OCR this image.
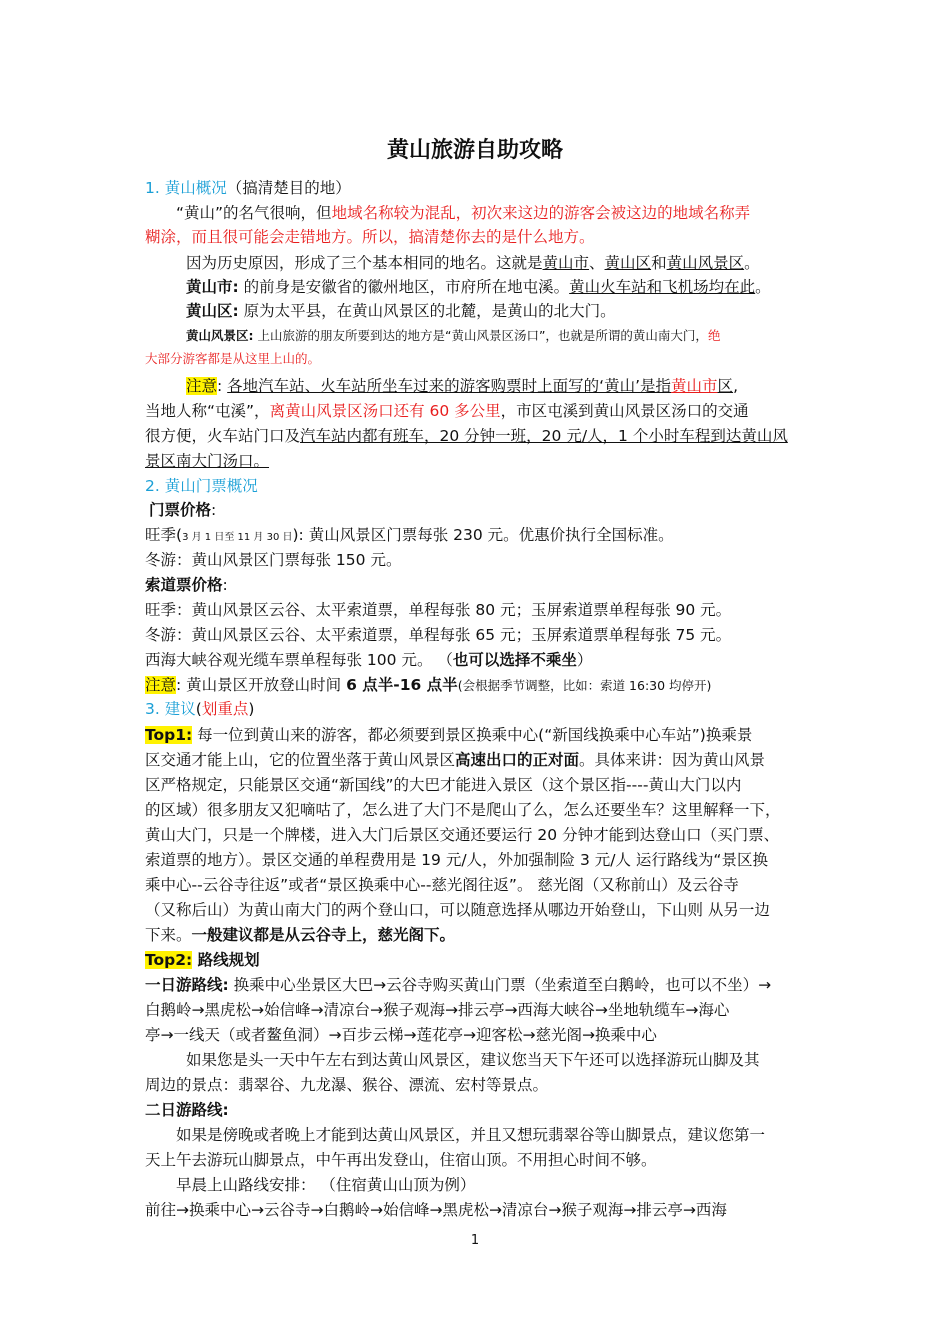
黄山旅游自助攻略
1. 黄山概况（搞清楚目的地）
“黄山”的名气很响，但地域名称较为混乱，初次来这边的游客会被这边的地域名称弄
糊涂，而且很可能会走错地方。所以，搞清楚你去的是什么地方。
因为历史原因，形成了三个基本相同的地名。这就是黄山市、黄山区和黄山风景区。
黄山市: 的前身是安徽省的徽州地区，市府所在地屯溪。黄山火车站和飞机场均在此。
黄山区: 原为太平县，在黄山风景区的北麓，是黄山的北大门。
黄山风景区: 上山旅游的朋友所要到达的地方是“黄山风景区汤口”，也就是所谓的黄山南大门，绝
大部分游客都是从这里上山的。
注意: 各地汽车站、火车站所坐车过来的游客购票时上面写的‘黄山’是指黄山市区,
当地人称“屯溪”，离黄山风景区汤口还有 60 多公里，市区屯溪到黄山风景区汤口的交通
很方便，火车站门口及汽车站内都有班车，20 分钟一班，20 元/人，1 个小时车程到达黄山风
景区南大门汤口。
2. 黄山门票概况
门票价格:
旺季(3 月 1 日至 11 月 30 日): 黄山风景区门票每张 230 元。优惠价执行全国标准。
冬游：黄山风景区门票每张 150 元。
索道票价格:
旺季：黄山风景区云谷、太平索道票，单程每张 80 元；玉屏索道票单程每张 90 元。
冬游：黄山风景区云谷、太平索道票，单程每张 65 元；玉屏索道票单程每张 75 元。
西海大峡谷观光缆车票单程每张 100 元。 （也可以选择不乘坐）
注意: 黄山景区开放登山时间 6 点半-16 点半(会根据季节调整，比如：索道 16:30 均停开)
3. 建议(划重点)
Top1: 每一位到黄山来的游客，都必须要到景区换乘中心(“新国线换乘中心车站”)换乘景
区交通才能上山，它的位置坐落于黄山风景区高速出口的正对面。具体来讲：因为黄山风景
区严格规定，只能景区交通“新国线”的大巴才能进入景区（这个景区指----黄山大门以内
的区域）很多朋友又犯嘀咕了，怎么进了大门不是爬山了么，怎么还要坐车？这里解释一下，
黄山大门，只是一个牌楼，进入大门后景区交通还要运行 20 分钟才能到达登山口（买门票、
索道票的地方）。景区交通的单程费用是 19 元/人，外加强制险 3 元/人 运行路线为“景区换
乘中心--云谷寺往返”或者“景区换乘中心--慈光阁往返”。 慈光阁（又称前山）及云谷寺
（又称后山）为黄山南大门的两个登山口，可以随意选择从哪边开始登山，下山则 从另一边
下来。一般建议都是从云谷寺上，慈光阁下。
Top2: 路线规划
一日游路线: 换乘中心坐景区大巴→云谷寺购买黄山门票（坐索道至白鹅岭，也可以不坐）→
白鹅岭→黑虎松→始信峰→清凉台→猴子观海→排云亭→西海大峡谷→坐地轨缆车→海心
亭→一线天（或者鳌鱼洞）→百步云梯→莲花亭→迎客松→慈光阁→换乘中心
如果您是头一天中午左右到达黄山风景区，建议您当天下午还可以选择游玩山脚及其
周边的景点：翡翠谷、九龙瀑、猴谷、漂流、宏村等景点。
二日游路线:
如果是傍晚或者晚上才能到达黄山风景区，并且又想玩翡翠谷等山脚景点，建议您第一
天上午去游玩山脚景点，中午再出发登山，住宿山顶。不用担心时间不够。
早晨上山路线安排： （住宿黄山山顶为例）
前往→换乘中心→云谷寺→白鹅岭→始信峰→黑虎松→清凉台→猴子观海→排云亭→西海
1
